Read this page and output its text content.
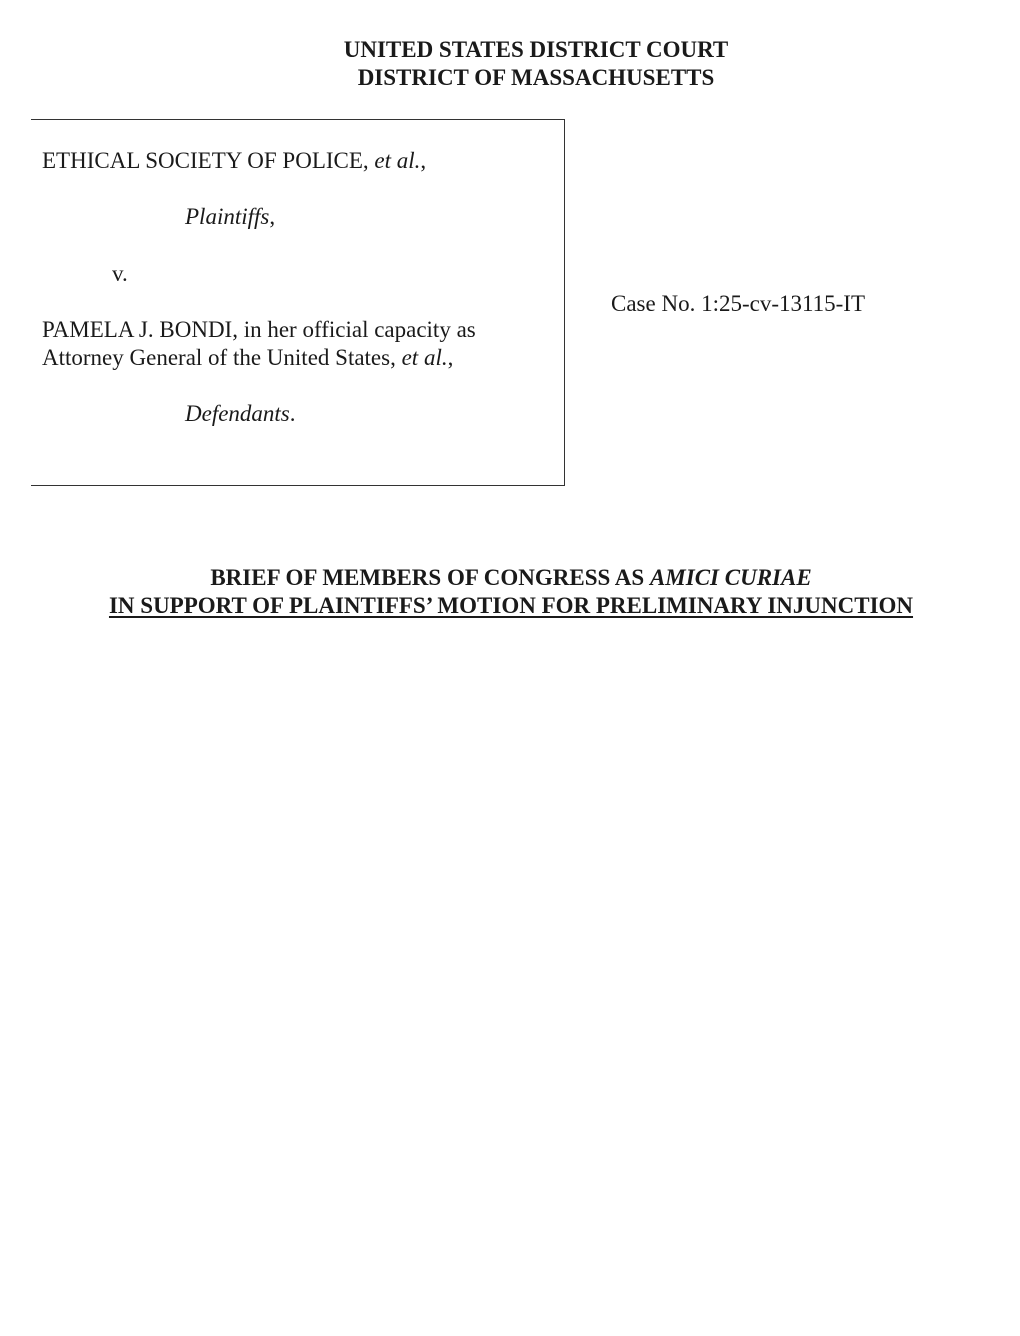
UNITED STATES DISTRICT COURT
DISTRICT OF MASSACHUSETTS
ETHICAL SOCIETY OF POLICE, et al.,
Plaintiffs,
v.
PAMELA J. BONDI, in her official capacity as
Attorney General of the United States, et al.,
Defendants.
Case No. 1:25-cv-13115-IT
BRIEF OF MEMBERS OF CONGRESS AS AMICI CURIAE
IN SUPPORT OF PLAINTIFFS’ MOTION FOR PRELIMINARY INJUNCTION
